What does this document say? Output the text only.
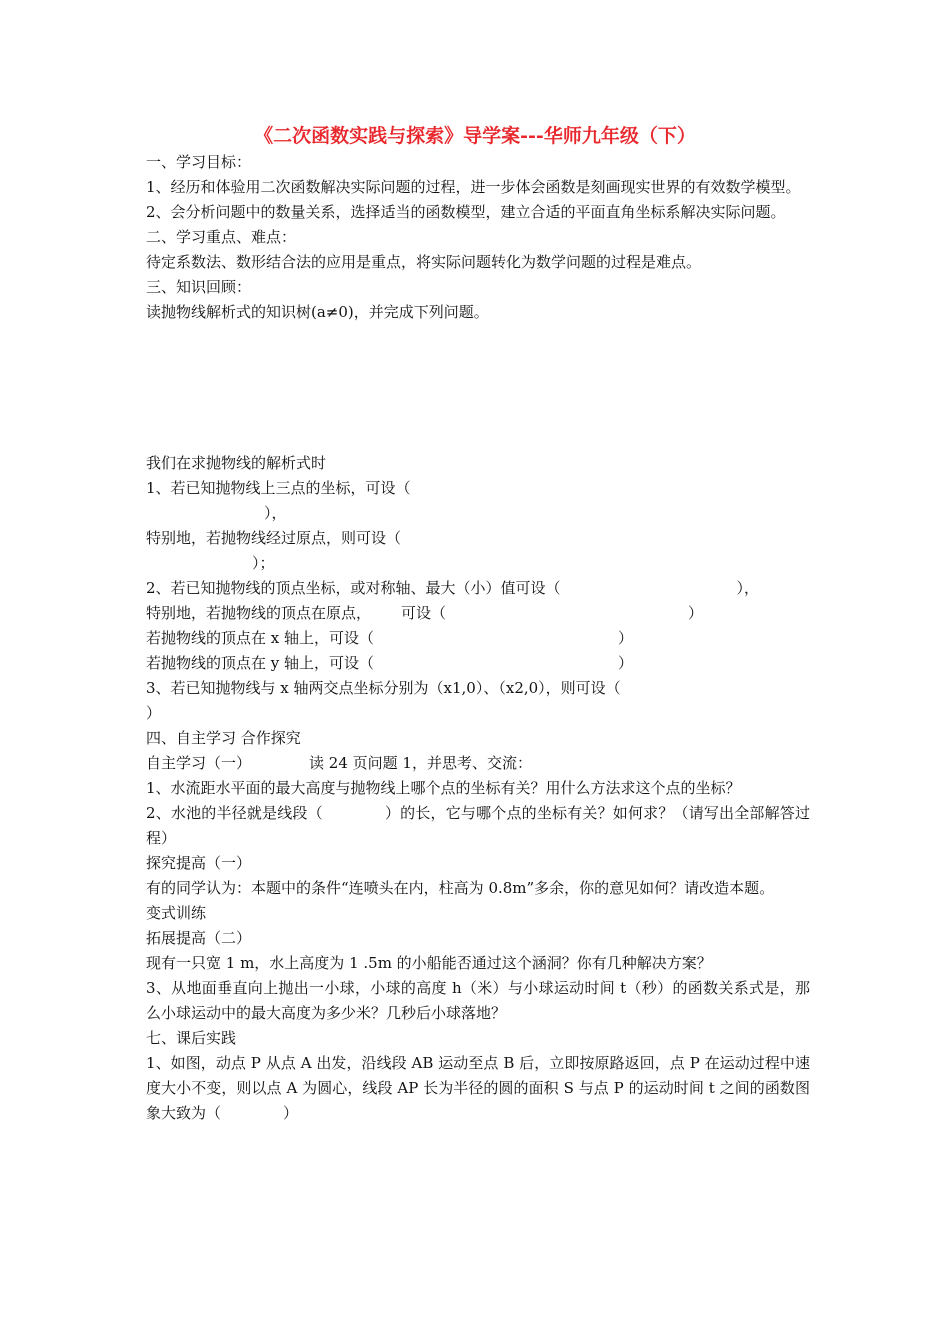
《二次函数实践与探索》导学案---华师九年级（下）

一、学习目标：

1、经历和体验用二次函数解决实际问题的过程，进一步体会函数是刻画现实世界的有效数学模型。

2、会分析问题中的数量关系，选择适当的函数模型，建立合适的平面直角坐标系解决实际问题。

二、学习重点、难点：

待定系数法、数形结合法的应用是重点，将实际问题转化为数学问题的过程是难点。

三、知识回顾：

读抛物线解析式的知识树(a≠0)，并完成下列问题。

我们在求抛物线的解析式时

1、若已知抛物线上三点的坐标，可设（

），

特别地，若抛物线经过原点，则可设（

）；

2、若已知抛物线的顶点坐标，或对称轴、最大（小）值可设（	），

特别地，若抛物线的顶点在原点， 可设（	）

若抛物线的顶点在 x 轴上，可设（	）

若抛物线的顶点在 y 轴上，可设（	）

3、若已知抛物线与 x 轴两交点坐标分别为（x1,0）、（x2,0），则可设（

）

四、自主学习 合作探究

自主学习（一）	读 24 页问题 1，并思考、交流：

1、水流距水平面的最大高度与抛物线上哪个点的坐标有关？用什么方法求这个点的坐标？

2、水池的半径就是线段（	）的长，它与哪个点的坐标有关？如何求？（请写出全部解答过程）

探究提高（一）

有的同学认为：本题中的条件“连喷头在内，柱高为 0.8m”多余，你的意见如何？请改造本题。

变式训练

拓展提高（二）

现有一只宽 1 m，水上高度为 1 .5m 的小船能否通过这个涵洞？你有几种解决方案？

3、从地面垂直向上抛出一小球，小球的高度 h（米）与小球运动时间 t（秒）的函数关系式是，那么小球运动中的最大高度为多少米？几秒后小球落地？

七、课后实践

1、如图，动点 P 从点 A 出发，沿线段 AB 运动至点 B 后，立即按原路返回，点 P 在运动过程中速度大小不变，则以点 A 为圆心，线段 AP 长为半径的圆的面积 S 与点 P 的运动时间 t 之间的函数图象大致为（	）
